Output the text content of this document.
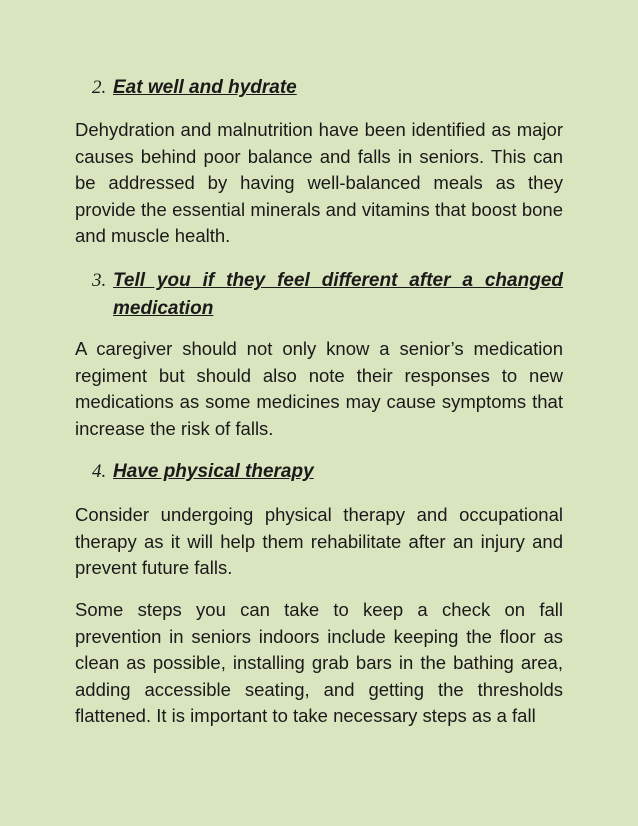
2. Eat well and hydrate

Dehydration and malnutrition have been identified as major causes behind poor balance and falls in seniors. This can be addressed by having well-balanced meals as they provide the essential minerals and vitamins that boost bone and muscle health.

3. Tell you if they feel different after a changed
medication

A caregiver should not only know a senior’s medication regiment but should also note their responses to new medications as some medicines may cause symptoms that increase the risk of falls.

4. Have physical therapy

Consider undergoing physical therapy and occupational therapy as it will help them rehabilitate after an injury and prevent future falls.

Some steps you can take to keep a check on fall prevention in seniors indoors include keeping the floor as clean as possible, installing grab bars in the bathing area, adding accessible seating, and getting the thresholds flattened. It is important to take necessary steps as a fall
